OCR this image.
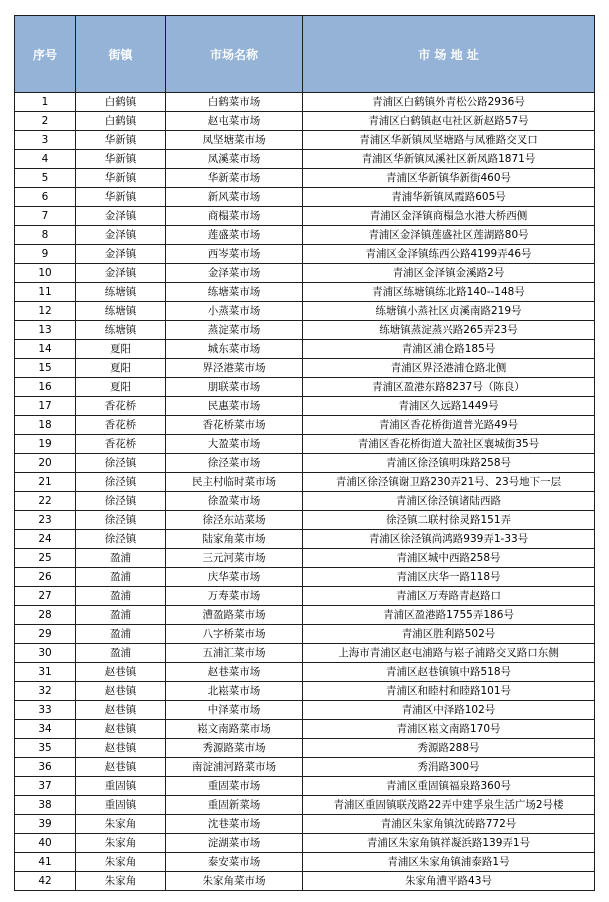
序号	街镇	市场名称	市 场 地 址
1	白鹤镇	白鹤菜市场	青浦区白鹤镇外青松公路2936号
2	白鹤镇	赵屯菜市场	青浦区白鹤镇赵屯社区新赵路57号
3	华新镇	凤坚塘菜市场	青浦区华新镇凤坚塘路与凤雅路交叉口
4	华新镇	凤溪菜市场	青浦区华新镇凤溪社区新凤路1871号
5	华新镇	华新菜市场	青浦区华新镇华新街460号
6	华新镇	新风菜市场	青浦华新镇凤霞路605号
7	金泽镇	商榻菜市场	青浦区金泽镇商榻急水港大桥西侧
8	金泽镇	莲盛菜市场	青浦区金泽镇莲盛社区莲湖路80号
9	金泽镇	西岑菜市场	青浦区金泽镇练西公路4199弄46号
10	金泽镇	金泽菜市场	青浦区金泽镇金溪路2号
11	练塘镇	练塘菜市场	青浦区练塘镇练北路140--148号
12	练塘镇	小蒸菜市场	练塘镇小蒸社区贞溪南路219号
13	练塘镇	蒸淀菜市场	练塘镇蒸淀蒸兴路265弄23号
14	夏阳	城东菜市场	青浦区浦仓路185号
15	夏阳	界泾港菜市场	青浦区界泾港浦仓路北侧
16	夏阳	朋联菜市场	青浦区盈港东路8237号（陈良）
17	香花桥	民惠菜市场	青浦区久远路1449号
18	香花桥	香花桥菜市场	青浦区香花桥街道普光路49号
19	香花桥	大盈菜市场	青浦区香花桥街道大盈社区襄城街35号
20	徐泾镇	徐泾菜市场	青浦区徐泾镇明珠路258号
21	徐泾镇	民主村临时菜市场	青浦区徐泾镇谢卫路230弄21号、23号地下一层
22	徐泾镇	徐盈菜市场	青浦区徐泾镇诸陆西路
23	徐泾镇	徐泾东站菜场	徐泾镇二联村徐灵路151弄
24	徐泾镇	陆家角菜市场	青浦区徐泾镇尚鸿路939弄1-33号
25	盈浦	三元河菜市场	青浦区城中西路258号
26	盈浦	庆华菜市场	青浦区庆华一路118号
27	盈浦	万寿菜市场	青浦区万寿路青赵路口
28	盈浦	漕盈路菜市场	青浦区盈港路1755弄186号
29	盈浦	八字桥菜市场	青浦区胜利路502号
30	盈浦	五浦汇菜市场	上海市青浦区赵屯浦路与崧子浦路交叉路口东侧
31	赵巷镇	赵巷菜市场	青浦区赵巷镇镇中路518号
32	赵巷镇	北崧菜市场	青浦区和睦村和睦路101号
33	赵巷镇	中泽菜市场	青浦区中泽路102号
34	赵巷镇	崧文南路菜市场	青浦区崧文南路170号
35	赵巷镇	秀源路菜市场	秀源路288号
36	赵巷镇	南淀浦河路菜市场	秀涓路300号
37	重固镇	重固菜市场	青浦区重固镇福泉路360号
38	重固镇	重固新菜场	青浦区重固镇联茂路22弄中建孚泉生活广场2号楼
39	朱家角	沈巷菜市场	青浦区朱家角镇沈砖路772号
40	朱家角	淀湖菜市场	青浦区朱家角镇祥凝浜路139弄1号
41	朱家角	泰安菜市场	青浦区朱家角镇浦泰路1号
42	朱家角	朱家角菜市场	朱家角漕平路43号
